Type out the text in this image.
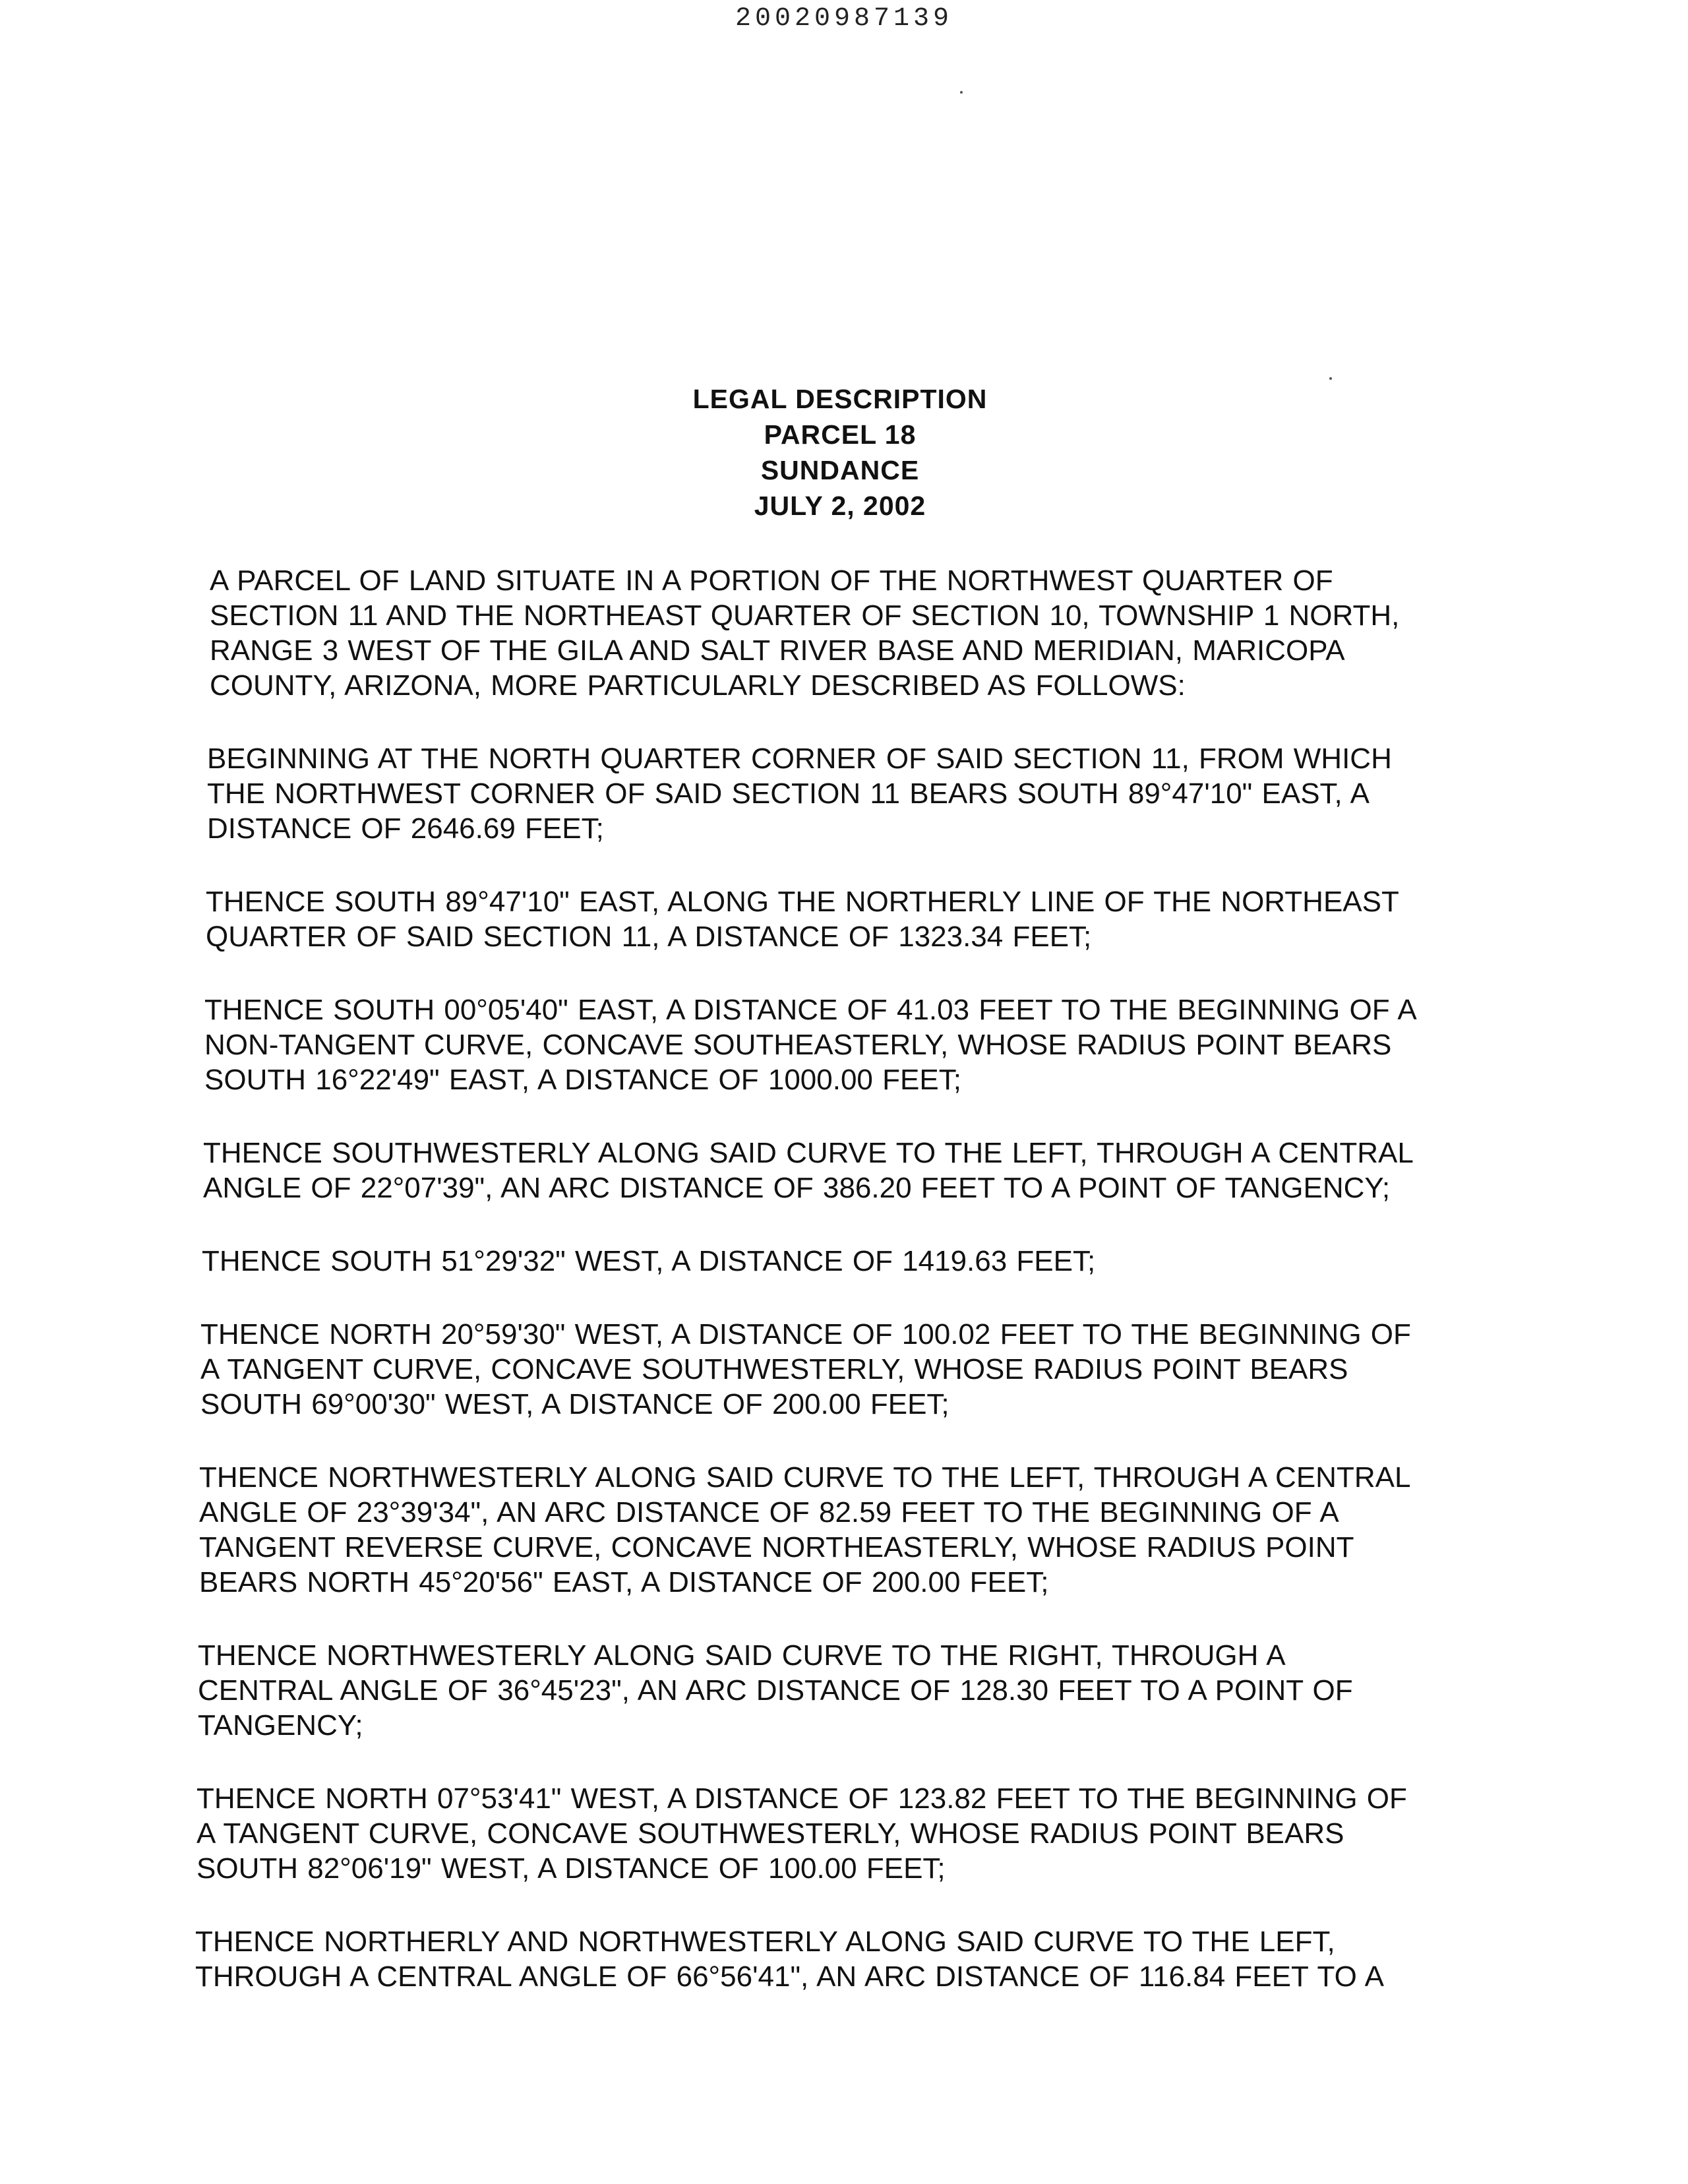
20020987139
LEGAL DESCRIPTION
PARCEL 18
SUNDANCE
JULY 2, 2002
A PARCEL OF LAND SITUATE IN A PORTION OF THE NORTHWEST QUARTER OF
SECTION 11 AND THE NORTHEAST QUARTER OF SECTION 10, TOWNSHIP 1 NORTH,
RANGE 3 WEST OF THE GILA AND SALT RIVER BASE AND MERIDIAN, MARICOPA
COUNTY, ARIZONA, MORE PARTICULARLY DESCRIBED AS FOLLOWS:
BEGINNING AT THE NORTH QUARTER CORNER OF SAID SECTION 11, FROM WHICH
THE NORTHWEST CORNER OF SAID SECTION 11 BEARS SOUTH 89°47'10" EAST, A
DISTANCE OF 2646.69 FEET;
THENCE SOUTH 89°47'10" EAST, ALONG THE NORTHERLY LINE OF THE NORTHEAST
QUARTER OF SAID SECTION 11, A DISTANCE OF 1323.34 FEET;
THENCE SOUTH 00°05'40" EAST, A DISTANCE OF 41.03 FEET TO THE BEGINNING OF A
NON-TANGENT CURVE, CONCAVE SOUTHEASTERLY, WHOSE RADIUS POINT BEARS
SOUTH 16°22'49" EAST, A DISTANCE OF 1000.00 FEET;
THENCE SOUTHWESTERLY ALONG SAID CURVE TO THE LEFT, THROUGH A CENTRAL
ANGLE OF 22°07'39", AN ARC DISTANCE OF 386.20 FEET TO A POINT OF TANGENCY;
THENCE SOUTH 51°29'32" WEST, A DISTANCE OF 1419.63 FEET;
THENCE NORTH 20°59'30" WEST, A DISTANCE OF 100.02 FEET TO THE BEGINNING OF
A TANGENT CURVE, CONCAVE SOUTHWESTERLY, WHOSE RADIUS POINT BEARS
SOUTH 69°00'30" WEST, A DISTANCE OF 200.00 FEET;
THENCE NORTHWESTERLY ALONG SAID CURVE TO THE LEFT, THROUGH A CENTRAL
ANGLE OF 23°39'34", AN ARC DISTANCE OF 82.59 FEET TO THE BEGINNING OF A
TANGENT REVERSE CURVE, CONCAVE NORTHEASTERLY, WHOSE RADIUS POINT
BEARS NORTH 45°20'56" EAST, A DISTANCE OF 200.00 FEET;
THENCE NORTHWESTERLY ALONG SAID CURVE TO THE RIGHT, THROUGH A
CENTRAL ANGLE OF 36°45'23", AN ARC DISTANCE OF 128.30 FEET TO A POINT OF
TANGENCY;
THENCE NORTH 07°53'41" WEST, A DISTANCE OF 123.82 FEET TO THE BEGINNING OF
A TANGENT CURVE, CONCAVE SOUTHWESTERLY, WHOSE RADIUS POINT BEARS
SOUTH 82°06'19" WEST, A DISTANCE OF 100.00 FEET;
THENCE NORTHERLY AND NORTHWESTERLY ALONG SAID CURVE TO THE LEFT,
THROUGH A CENTRAL ANGLE OF 66°56'41", AN ARC DISTANCE OF 116.84 FEET TO A
